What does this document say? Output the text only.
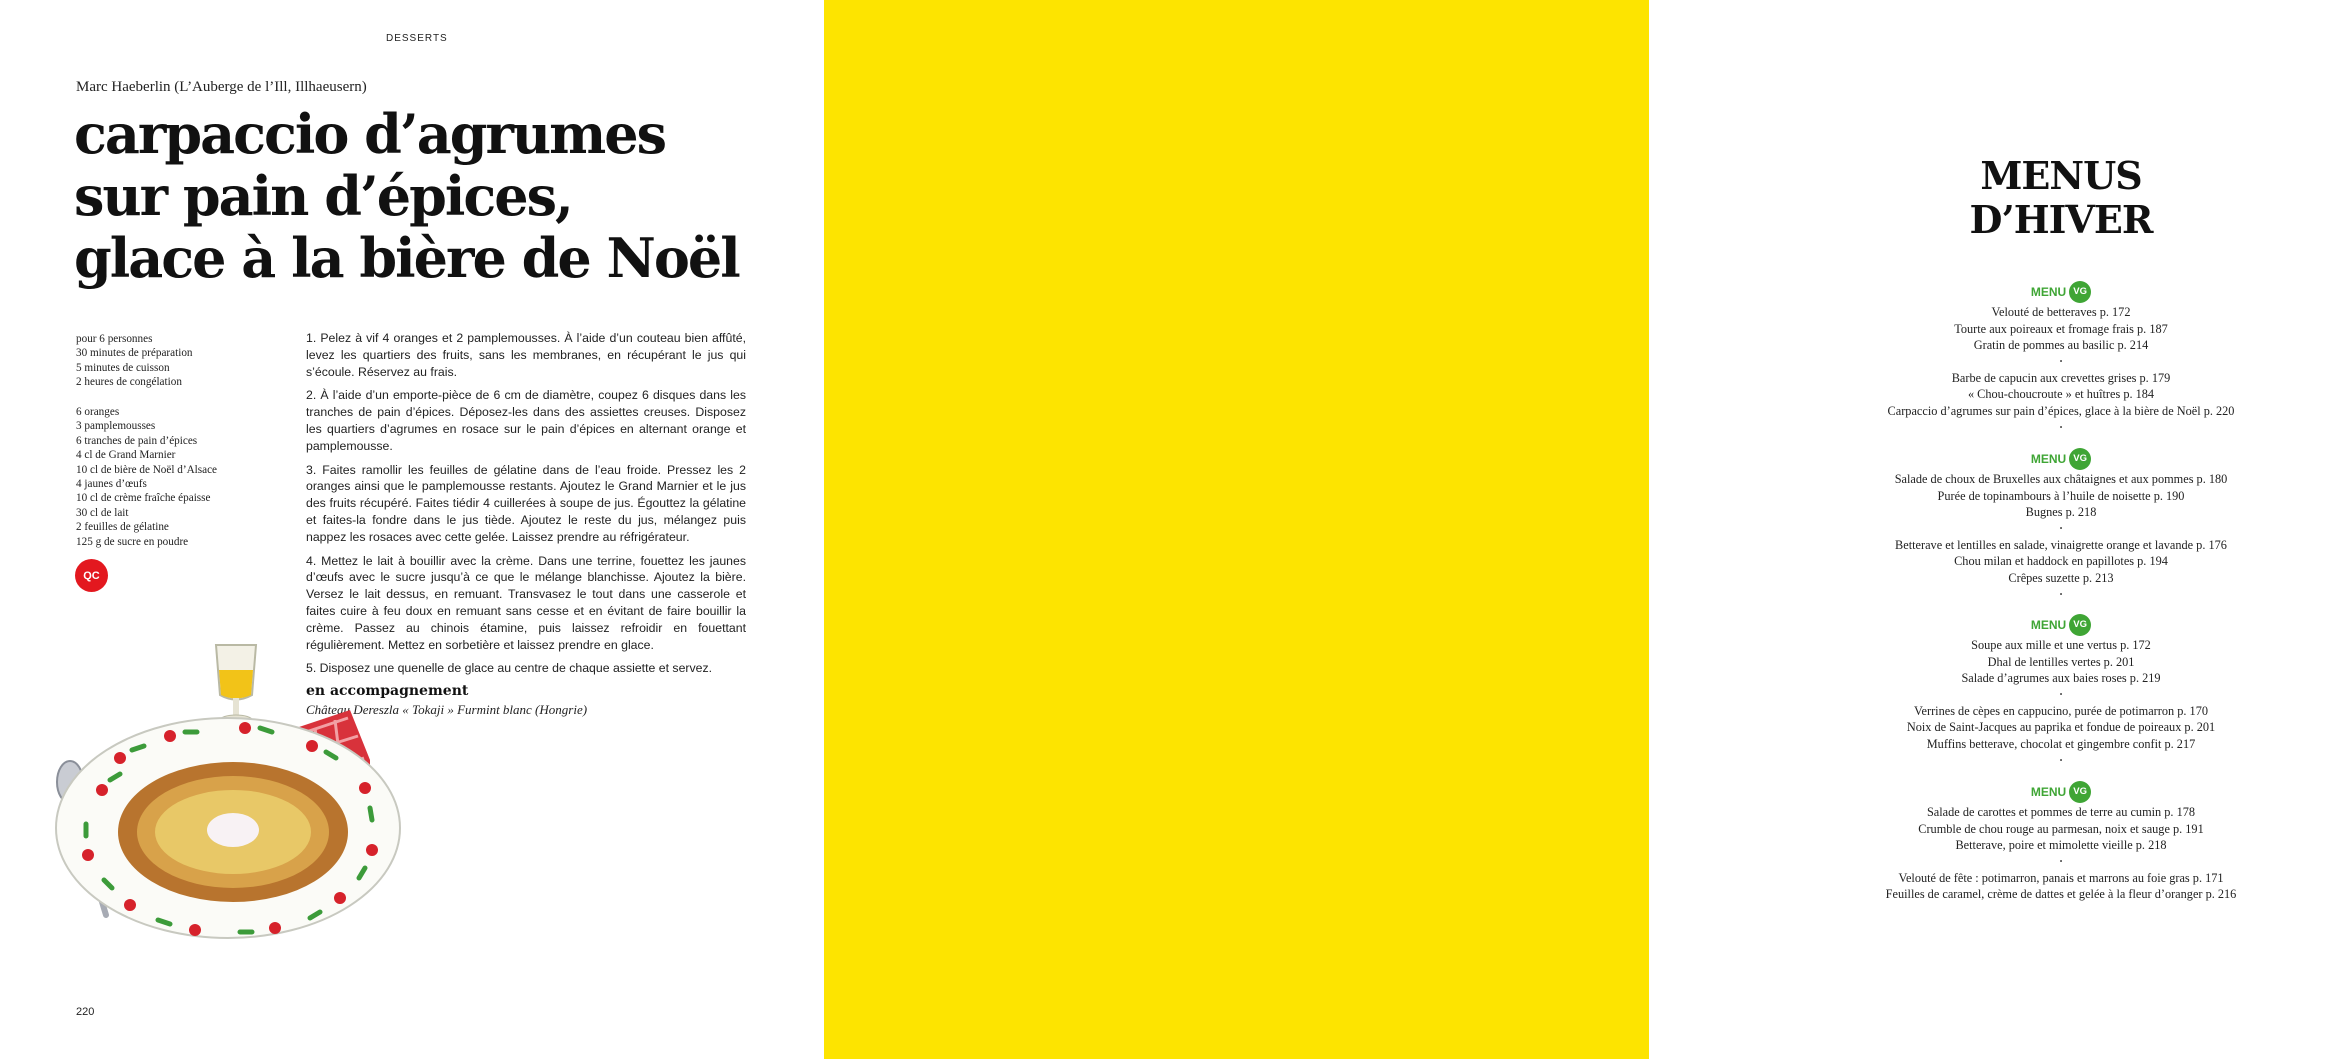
DESSERTS
Marc Haeberlin (L’Auberge de l’Ill, Illhaeusern)
carpaccio d’agrumes
sur pain d’épices,
glace à la bière de Noël
pour 6 personnes
30 minutes de préparation
5 minutes de cuisson
2 heures de congélation
6 oranges
3 pamplemousses
6 tranches de pain d’épices
4 cl de Grand Marnier
10 cl de bière de Noël d’Alsace
4 jaunes d’œufs
10 cl de crème fraîche épaisse
30 cl de lait
2 feuilles de gélatine
125 g de sucre en poudre
QC

1. Pelez à vif 4 oranges et 2 pamplemousses. À l’aide d’un couteau bien affûté, levez les quartiers des fruits, sans les membranes, en récupérant le jus qui s’écoule. Réservez au frais.

2. À l’aide d’un emporte-pièce de 6 cm de diamètre, coupez 6 disques dans les tranches de pain d’épices. Déposez-les dans des assiettes creuses. Disposez les quartiers d’agrumes en rosace sur le pain d’épices en alternant orange et pamplemousse.

3. Faites ramollir les feuilles de gélatine dans de l’eau froide. Pressez les 2 oranges ainsi que le pamplemousse restants. Ajoutez le Grand Marnier et le jus des fruits récupéré. Faites tiédir 4 cuillerées à soupe de jus. Égouttez la gélatine et faites-la fondre dans le jus tiède. Ajoutez le reste du jus, mélangez puis nappez les rosaces avec cette gelée. Laissez prendre au réfrigérateur.

4. Mettez le lait à bouillir avec la crème. Dans une terrine, fouettez les jaunes d’œufs avec le sucre jusqu’à ce que le mélange blanchisse. Ajoutez la bière. Versez le lait dessus, en remuant. Transvasez le tout dans une casserole et faites cuire à feu doux en remuant sans cesse et en évitant de faire bouillir la crème. Passez au chinois étamine, puis laissez refroidir en fouettant régulièrement. Mettez en sorbetière et laissez prendre en glace.

5. Disposez une quenelle de glace au centre de chaque assiette et servez.

en accompagnement
Château Dereszla « Tokaji » Furmint blanc (Hongrie)
220
MENUS
D’HIVER
MENU VG
Velouté de betteraves p. 172
Tourte aux poireaux et fromage frais p. 187
Gratin de pommes au basilic p. 214
•
Barbe de capucin aux crevettes grises p. 179
« Chou-choucroute » et huîtres p. 184
Carpaccio d’agrumes sur pain d’épices, glace à la bière de Noël p. 220
•
MENU VG
Salade de choux de Bruxelles aux châtaignes et aux pommes p. 180
Purée de topinambours à l’huile de noisette p. 190
Bugnes p. 218
•
Betterave et lentilles en salade, vinaigrette orange et lavande p. 176
Chou milan et haddock en papillotes p. 194
Crêpes suzette p. 213
•
MENU VG
Soupe aux mille et une vertus p. 172
Dhal de lentilles vertes p. 201
Salade d’agrumes aux baies roses p. 219
•
Verrines de cèpes en cappucino, purée de potimarron p. 170
Noix de Saint-Jacques au paprika et fondue de poireaux p. 201
Muffins betterave, chocolat et gingembre confit p. 217
•
MENU VG
Salade de carottes et pommes de terre au cumin p. 178
Crumble de chou rouge au parmesan, noix et sauge p. 191
Betterave, poire et mimolette vieille p. 218
•
Velouté de fête : potimarron, panais et marrons au foie gras p. 171
Feuilles de caramel, crème de dattes et gelée à la fleur d’oranger p. 216
